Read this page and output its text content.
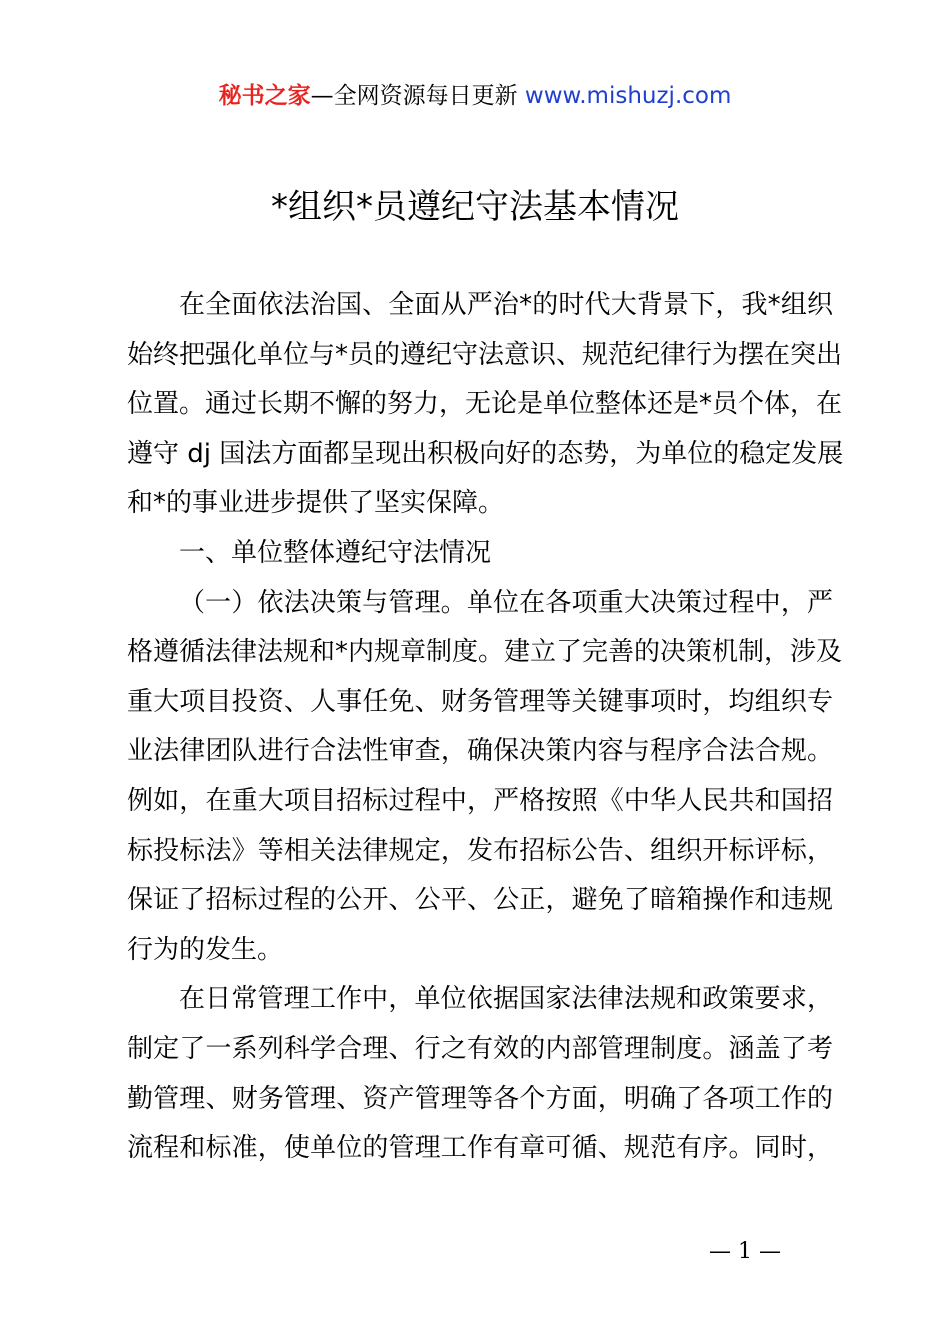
秘书之家—全网资源每日更新 www.mishuzj.com
*组织*员遵纪守法基本情况
在全面依法治国、全面从严治*的时代大背景下，我*组织
始终把强化单位与*员的遵纪守法意识、规范纪律行为摆在突出
位置。通过长期不懈的努力，无论是单位整体还是*员个体，在
遵守 dj 国法方面都呈现出积极向好的态势，为单位的稳定发展
和*的事业进步提供了坚实保障。
一、单位整体遵纪守法情况
（一）依法决策与管理。单位在各项重大决策过程中，严
格遵循法律法规和*内规章制度。建立了完善的决策机制，涉及
重大项目投资、人事任免、财务管理等关键事项时，均组织专
业法律团队进行合法性审查，确保决策内容与程序合法合规。
例如，在重大项目招标过程中，严格按照《中华人民共和国招
标投标法》等相关法律规定，发布招标公告、组织开标评标，
保证了招标过程的公开、公平、公正，避免了暗箱操作和违规
行为的发生。
在日常管理工作中，单位依据国家法律法规和政策要求，
制定了一系列科学合理、行之有效的内部管理制度。涵盖了考
勤管理、财务管理、资产管理等各个方面，明确了各项工作的
流程和标准，使单位的管理工作有章可循、规范有序。同时，
— 1 —
